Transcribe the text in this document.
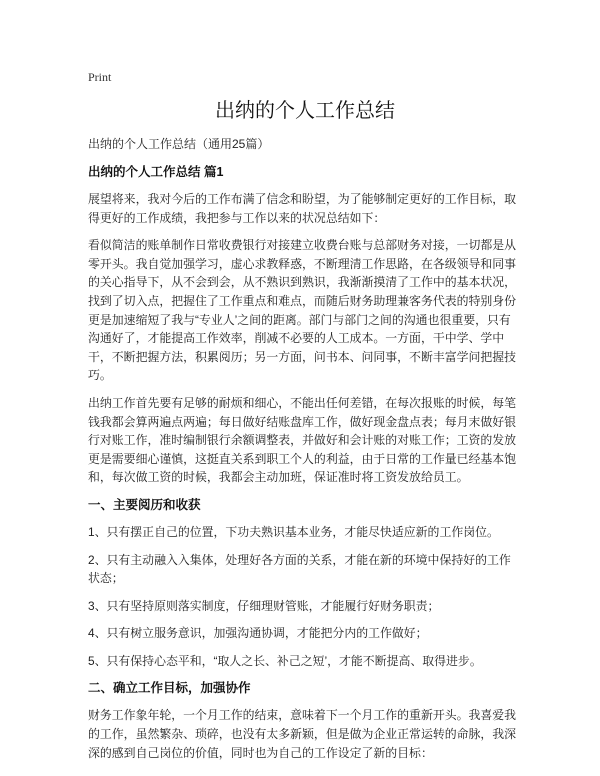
Print
出纳的个人工作总结
出纳的个人工作总结（通用25篇）
出纳的个人工作总结 篇1

展望将来，我对今后的工作布满了信念和盼望，为了能够制定更好的工作目标，取得更好的工作成绩，我把参与工作以来的状况总结如下：

看似简洁的账单制作日常收费银行对接建立收费台账与总部财务对接，一切都是从零开头。我自觉加强学习，虚心求教释惑，不断理清工作思路，在各级领导和同事的关心指导下，从不会到会，从不熟识到熟识，我渐渐摸清了工作中的基本状况，找到了切入点，把握住了工作重点和难点，而随后财务助理兼客务代表的特别身份更是加速缩短了我与“专业人’之间的距离。部门与部门之间的沟通也很重要，只有沟通好了，才能提高工作效率，削减不必要的人工成本。一方面，干中学、学中干，不断把握方法，积累阅历；另一方面，问书本、问同事，不断丰富学问把握技巧。

出纳工作首先要有足够的耐烦和细心，不能出任何差错，在每次报账的时候，每笔钱我都会算两遍点两遍；每日做好结账盘库工作，做好现金盘点表；每月末做好银行对账工作，准时编制银行余额调整表，并做好和会计账的对账工作；工资的发放更是需要细心谨慎，这挺直关系到职工个人的利益，由于日常的工作量已经基本饱和，每次做工资的时候，我都会主动加班，保证准时将工资发放给员工。

一、主要阅历和收获

1、只有摆正自己的位置，下功夫熟识基本业务，才能尽快适应新的工作岗位。

2、只有主动融入入集体，处理好各方面的关系，才能在新的环境中保持好的工作状态；

3、只有坚持原则落实制度，仔细理财管账，才能履行好财务职责；

4、只有树立服务意识，加强沟通协调，才能把分内的工作做好；

5、只有保持心态平和，“取人之长、补己之短’，才能不断提高、取得进步。

二、确立工作目标，加强协作

财务工作象年轮，一个月工作的结束，意味着下一个月工作的重新开头。我喜爱我的工作，虽然繁杂、琐碎，也没有太多新颖，但是做为企业正常运转的命脉，我深深的感到自己岗位的价值，同时也为自己的工作设定了新的目标：
